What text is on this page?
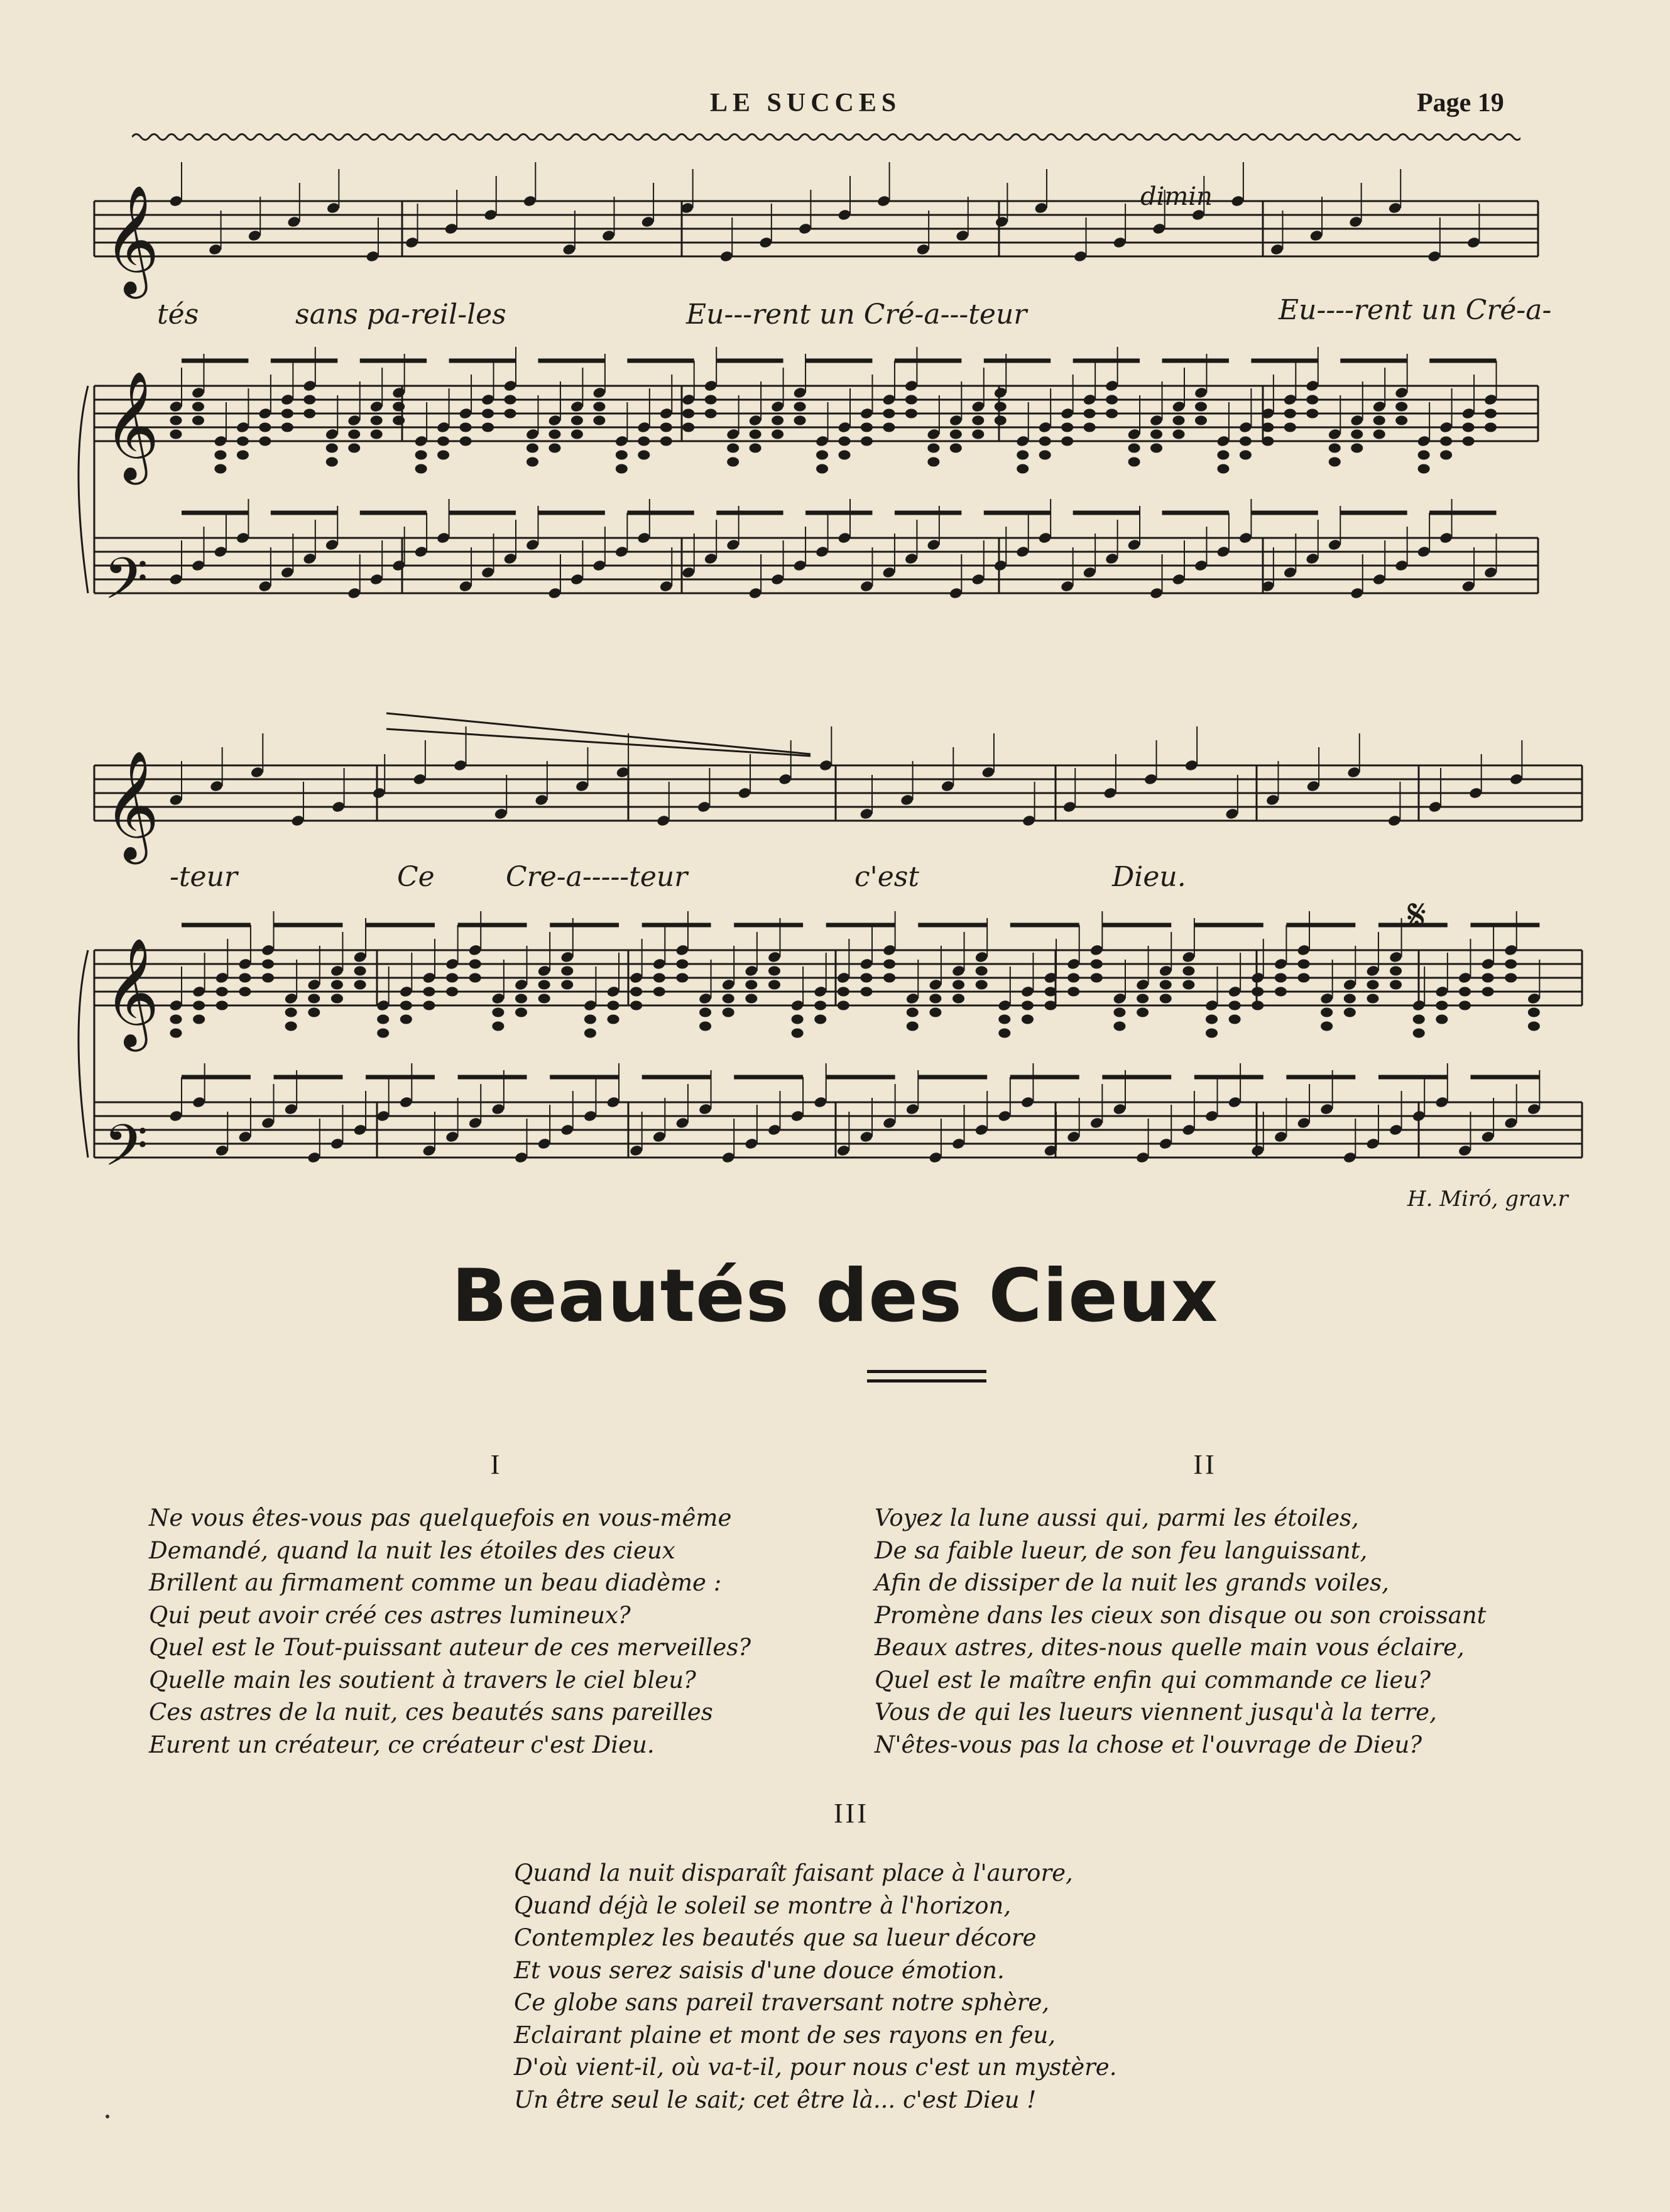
LE SUCCES	Page 19
𝄞
𝄞
𝄢
𝄞
𝄞
𝄢
𝄋
dimin
tés	sans pa-reil-les	Eu---rent un Cré-a---teur	Eu----rent un Cré-a-
-teur	Ce	Cre-a-----teur	c'est	Dieu.
H. Miró, grav.r
Beautés des Cieux
I
Ne vous êtes-vous pas quelquefois en vous-même
Demandé, quand la nuit les étoiles des cieux
Brillent au firmament comme un beau diadème :
Qui peut avoir créé ces astres lumineux?
Quel est le Tout-puissant auteur de ces merveilles?
Quelle main les soutient à travers le ciel bleu?
Ces astres de la nuit, ces beautés sans pareilles
Eurent un créateur, ce créateur c'est Dieu.
II
Voyez la lune aussi qui, parmi les étoiles,
De sa faible lueur, de son feu languissant,
Afin de dissiper de la nuit les grands voiles,
Promène dans les cieux son disque ou son croissant
Beaux astres, dites-nous quelle main vous éclaire,
Quel est le maître enfin qui commande ce lieu?
Vous de qui les lueurs viennent jusqu'à la terre,
N'êtes-vous pas la chose et l'ouvrage de Dieu?
III
Quand la nuit disparaît faisant place à l'aurore,
Quand déjà le soleil se montre à l'horizon,
Contemplez les beautés que sa lueur décore
Et vous serez saisis d'une douce émotion.
Ce globe sans pareil traversant notre sphère,
Eclairant plaine et mont de ses rayons en feu,
D'où vient-il, où va-t-il, pour nous c'est un mystère.
Un être seul le sait; cet être là... c'est Dieu !
